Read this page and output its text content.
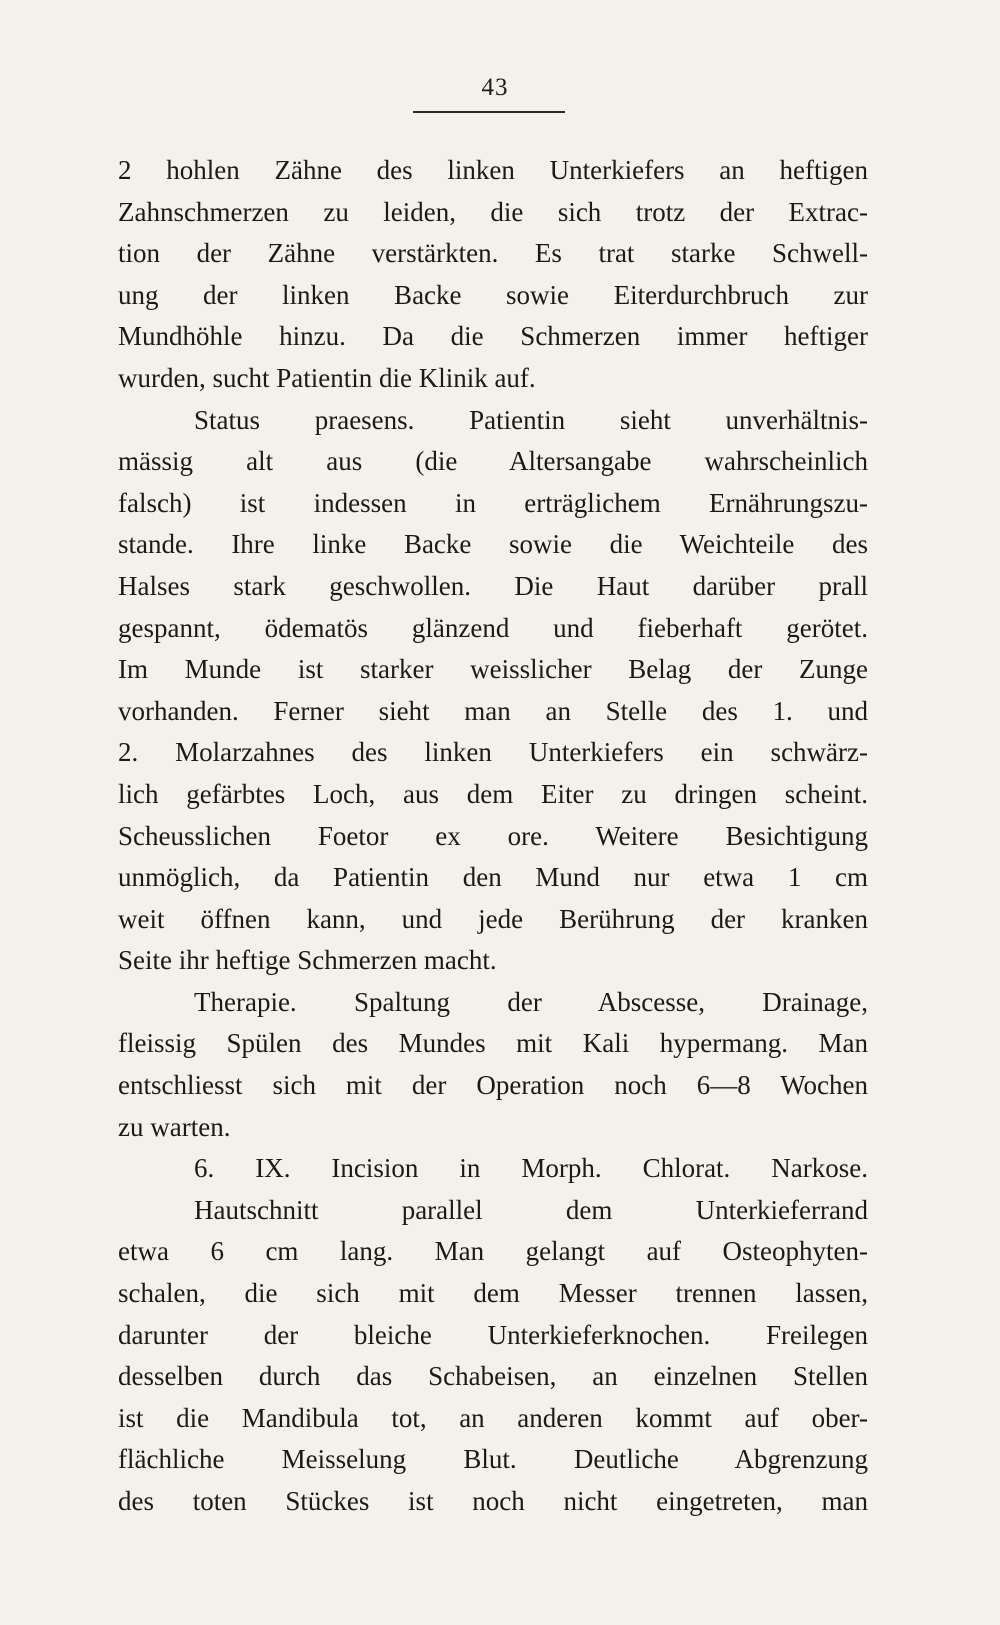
43
2 hohlen Zähne des linken Unterkiefers an heftigen
Zahnschmerzen zu leiden, die sich trotz der Extrac-
tion der Zähne verstärkten. Es trat starke Schwell-
ung der linken Backe sowie Eiterdurchbruch zur
Mundhöhle hinzu. Da die Schmerzen immer heftiger
wurden, sucht Patientin die Klinik auf.
Status praesens. Patientin sieht unverhältnis-
mässig alt aus (die Altersangabe wahrscheinlich
falsch) ist indessen in erträglichem Ernährungszu-
stande. Ihre linke Backe sowie die Weichteile des
Halses stark geschwollen. Die Haut darüber prall
gespannt, ödematös glänzend und fieberhaft gerötet.
Im Munde ist starker weisslicher Belag der Zunge
vorhanden. Ferner sieht man an Stelle des 1. und
2. Molarzahnes des linken Unterkiefers ein schwärz-
lich gefärbtes Loch, aus dem Eiter zu dringen scheint.
Scheusslichen Foetor ex ore. Weitere Besichtigung
unmöglich, da Patientin den Mund nur etwa 1 cm
weit öffnen kann, und jede Berührung der kranken
Seite ihr heftige Schmerzen macht.
Therapie. Spaltung der Abscesse, Drainage,
fleissig Spülen des Mundes mit Kali hypermang. Man
entschliesst sich mit der Operation noch 6—8 Wochen
zu warten.
6. IX. Incision in Morph. Chlorat. Narkose.
Hautschnitt parallel dem Unterkieferrand
etwa 6 cm lang. Man gelangt auf Osteophyten-
schalen, die sich mit dem Messer trennen lassen,
darunter der bleiche Unterkieferknochen. Freilegen
desselben durch das Schabeisen, an einzelnen Stellen
ist die Mandibula tot, an anderen kommt auf ober-
flächliche Meisselung Blut. Deutliche Abgrenzung
des toten Stückes ist noch nicht eingetreten, man
